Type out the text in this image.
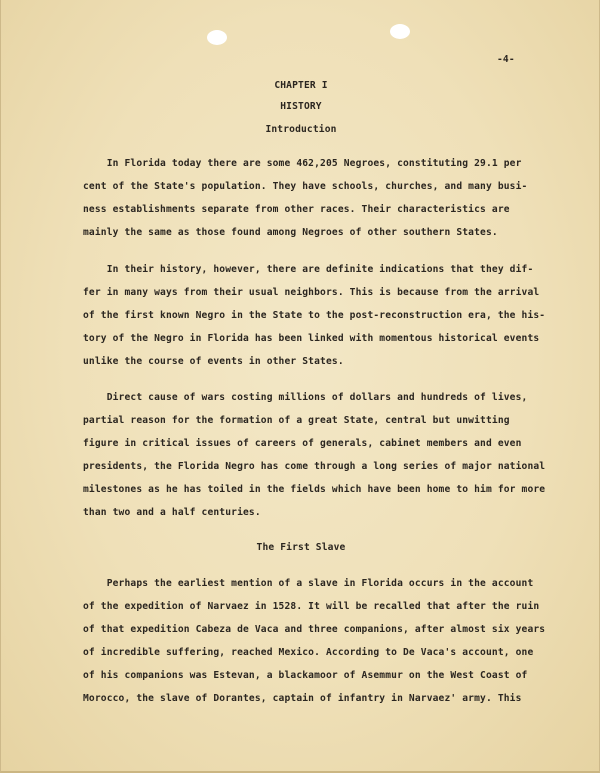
-4-
CHAPTER I
HISTORY
Introduction
In Florida today there are some 462,205 Negroes, constituting 29.1 per
cent of the State's population. They have schools, churches, and many busi-
ness establishments separate from other races. Their characteristics are
mainly the same as those found among Negroes of other southern States.
In their history, however, there are definite indications that they dif-
fer in many ways from their usual neighbors. This is because from the arrival
of the first known Negro in the State to the post-reconstruction era, the his-
tory of the Negro in Florida has been linked with momentous historical events
unlike the course of events in other States.
Direct cause of wars costing millions of dollars and hundreds of lives,
partial reason for the formation of a great State, central but unwitting
figure in critical issues of careers of generals, cabinet members and even
presidents, the Florida Negro has come through a long series of major national
milestones as he has toiled in the fields which have been home to him for more
than two and a half centuries.
The First Slave
Perhaps the earliest mention of a slave in Florida occurs in the account
of the expedition of Narvaez in 1528. It will be recalled that after the ruin
of that expedition Cabeza de Vaca and three companions, after almost six years
of incredible suffering, reached Mexico. According to De Vaca's account, one
of his companions was Estevan, a blackamoor of Asemmur on the West Coast of
Morocco, the slave of Dorantes, captain of infantry in Narvaez' army. This
